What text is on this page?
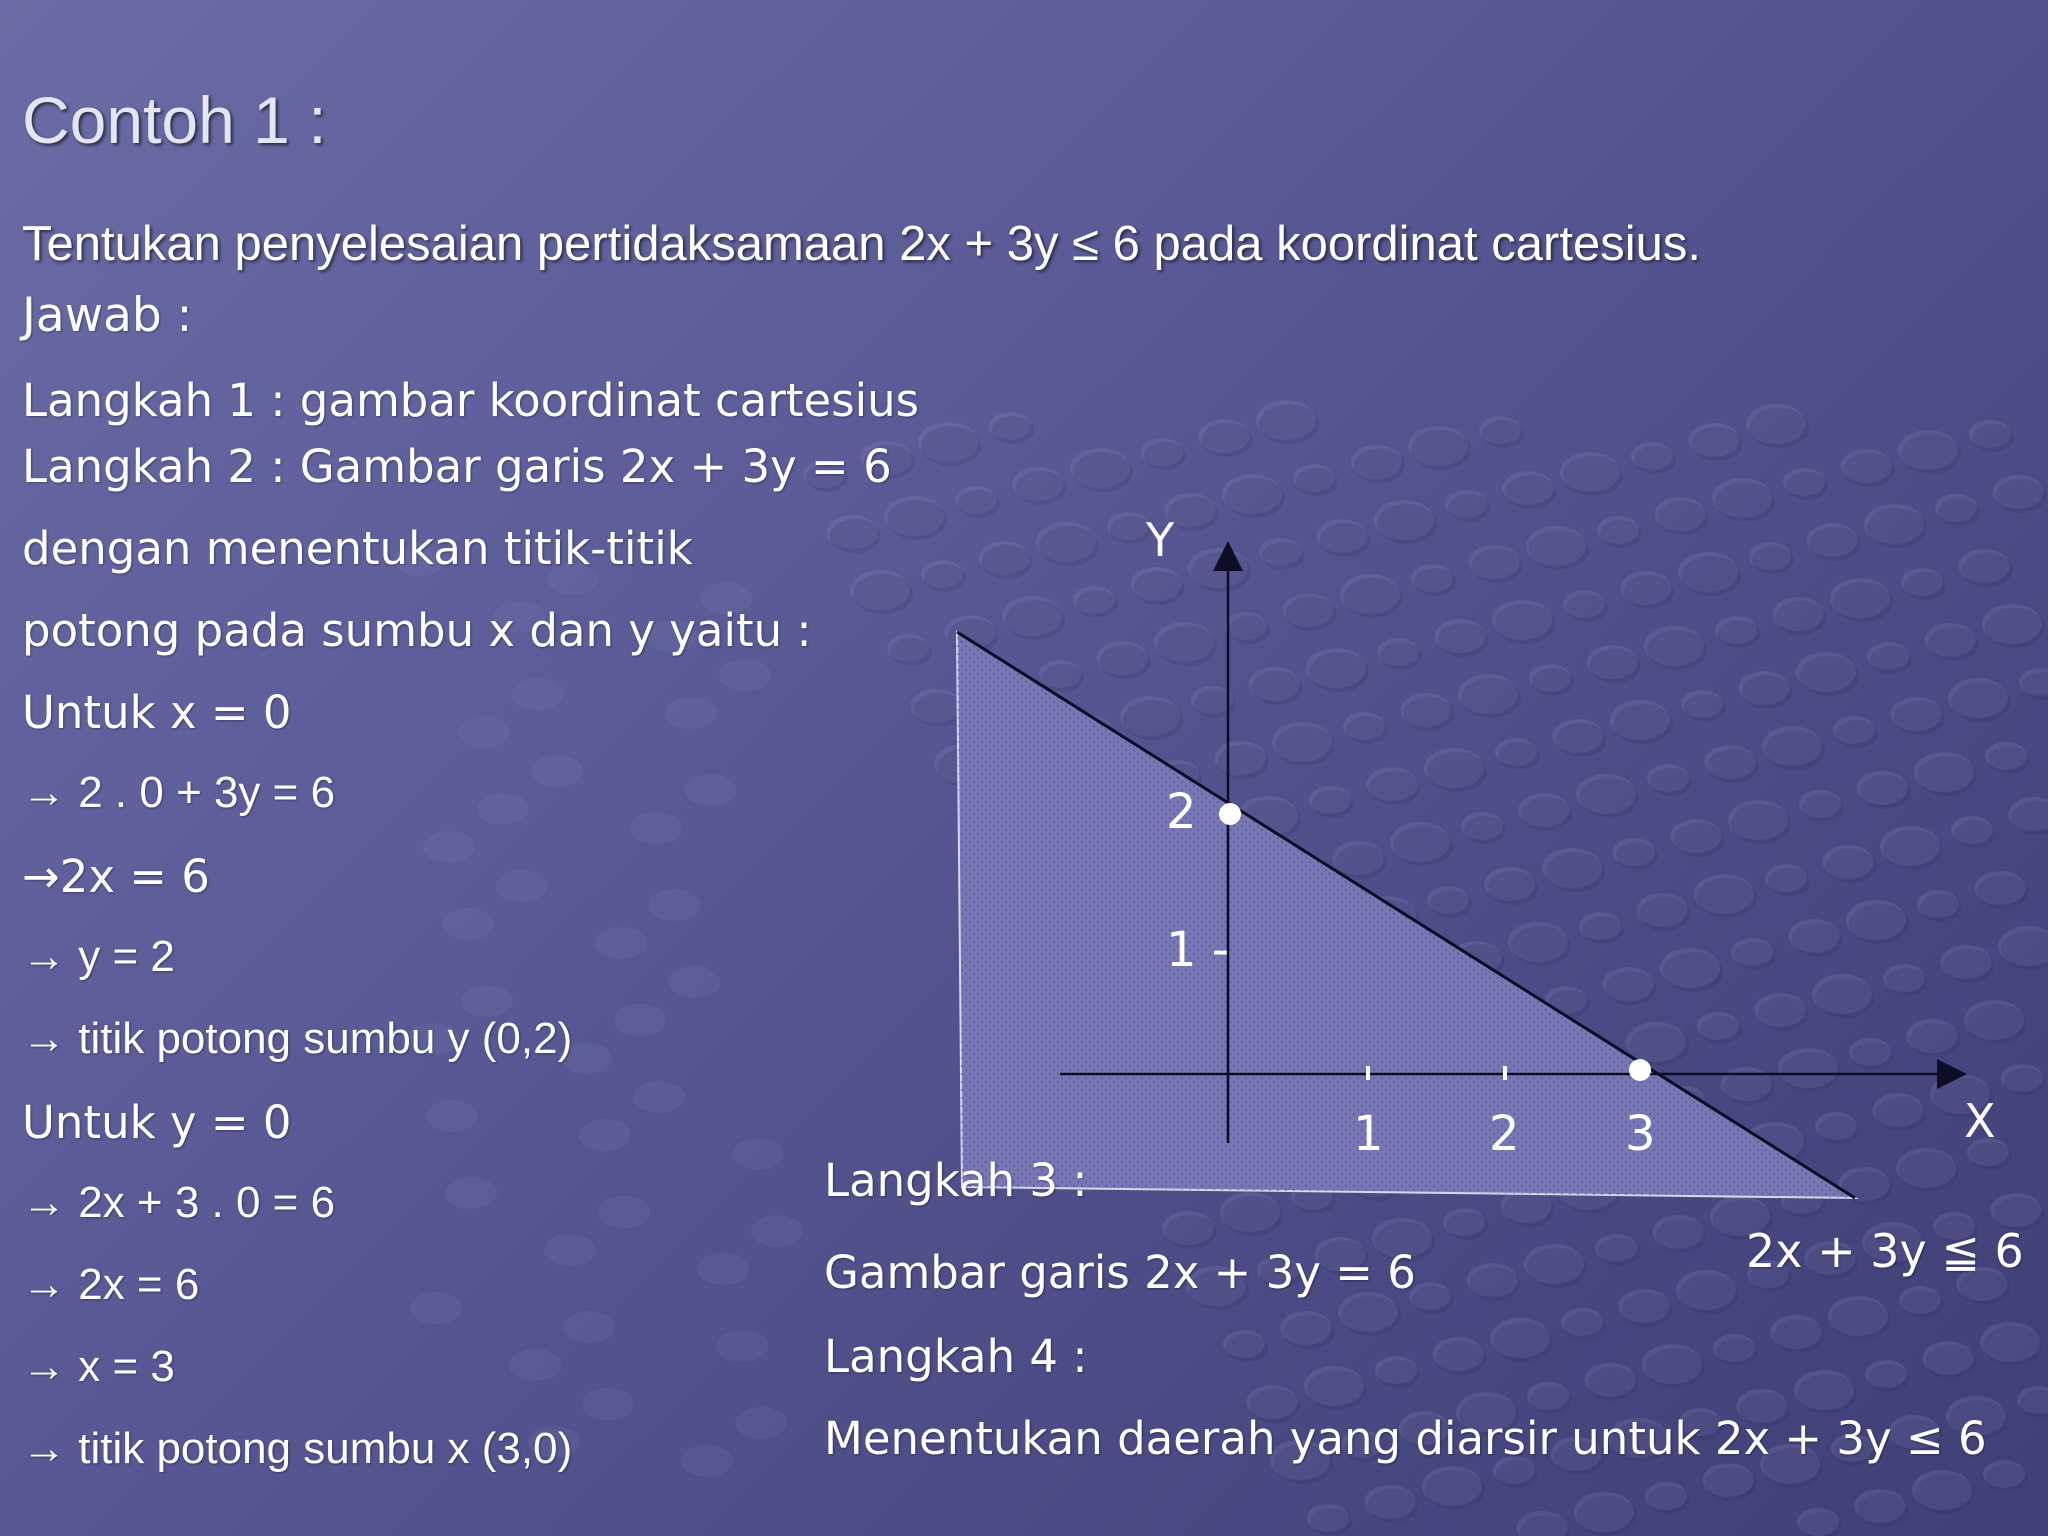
Contoh 1 :
Tentukan penyelesaian pertidaksamaan 2x + 3y ≤ 6 pada koordinat cartesius.
Jawab :
Langkah 1 : gambar koordinat cartesius
Langkah 2 : Gambar garis 2x + 3y = 6
dengan menentukan titik-titik
potong pada sumbu x dan y yaitu :
Untuk x = 0
→ 2 . 0 + 3y = 6
→2x = 6
→ y = 2
→ titik potong sumbu y (0,2)
Untuk y = 0
→ 2x + 3 . 0 = 6
→ 2x = 6
→ x = 3
→ titik potong sumbu x (3,0)
Y
X
1 2 3
1 -
2
2x + 3y ≦ 6
Langkah 3 :
Gambar garis 2x + 3y = 6
Langkah 4 :
Menentukan daerah yang diarsir untuk 2x + 3y ≤ 6
